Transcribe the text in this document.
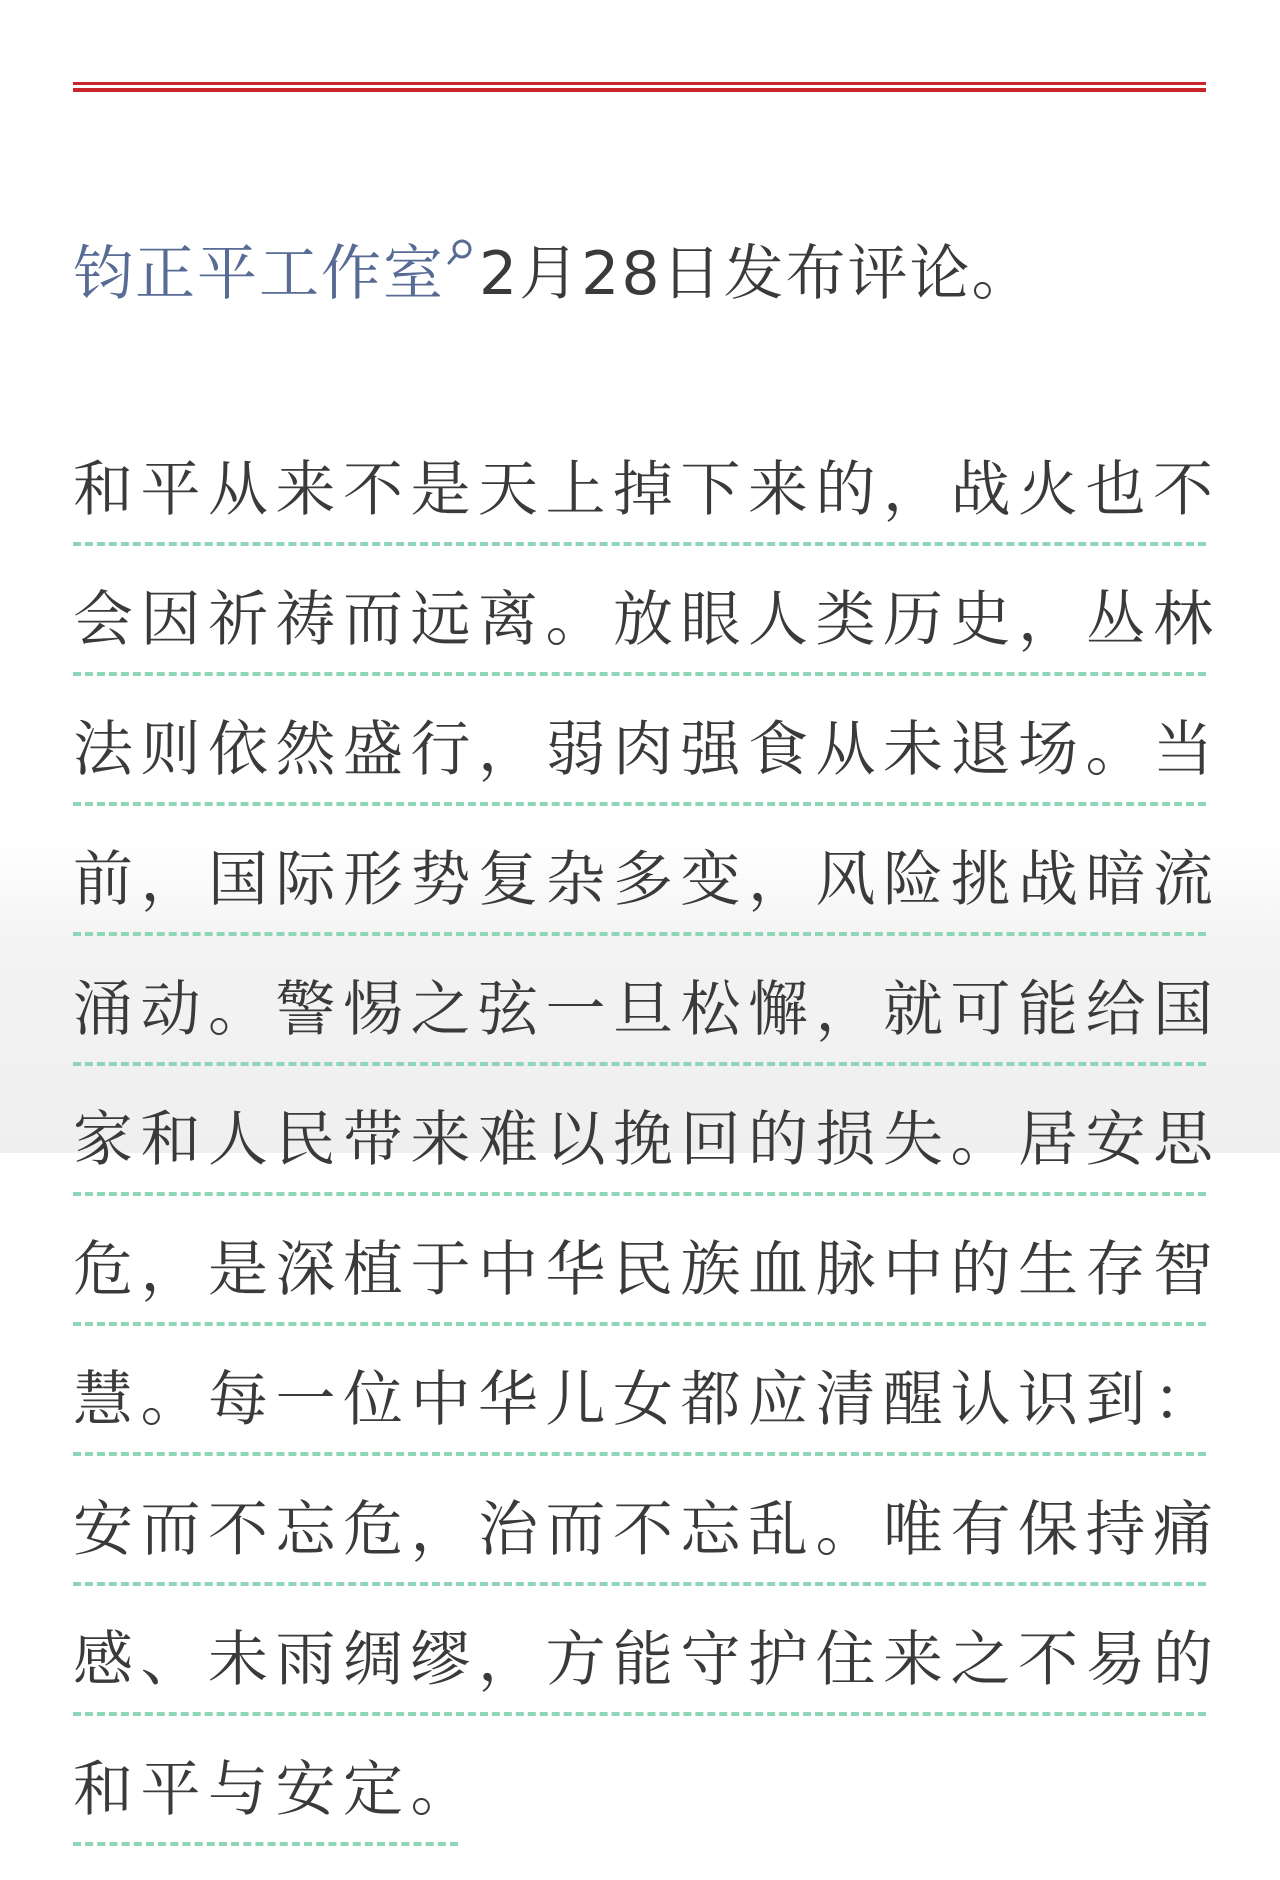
钧正平工作室 2月28日发布评论。
和平从来不是天上掉下来的，战火也不
会因祈祷而远离。放眼人类历史，丛林
法则依然盛行，弱肉强食从未退场。当
前，国际形势复杂多变，风险挑战暗流
涌动。警惕之弦一旦松懈，就可能给国
家和人民带来难以挽回的损失。居安思
危，是深植于中华民族血脉中的生存智
慧。每一位中华儿女都应清醒认识到：
安而不忘危，治而不忘乱。唯有保持痛
感、未雨绸缪，方能守护住来之不易的
和平与安定。
